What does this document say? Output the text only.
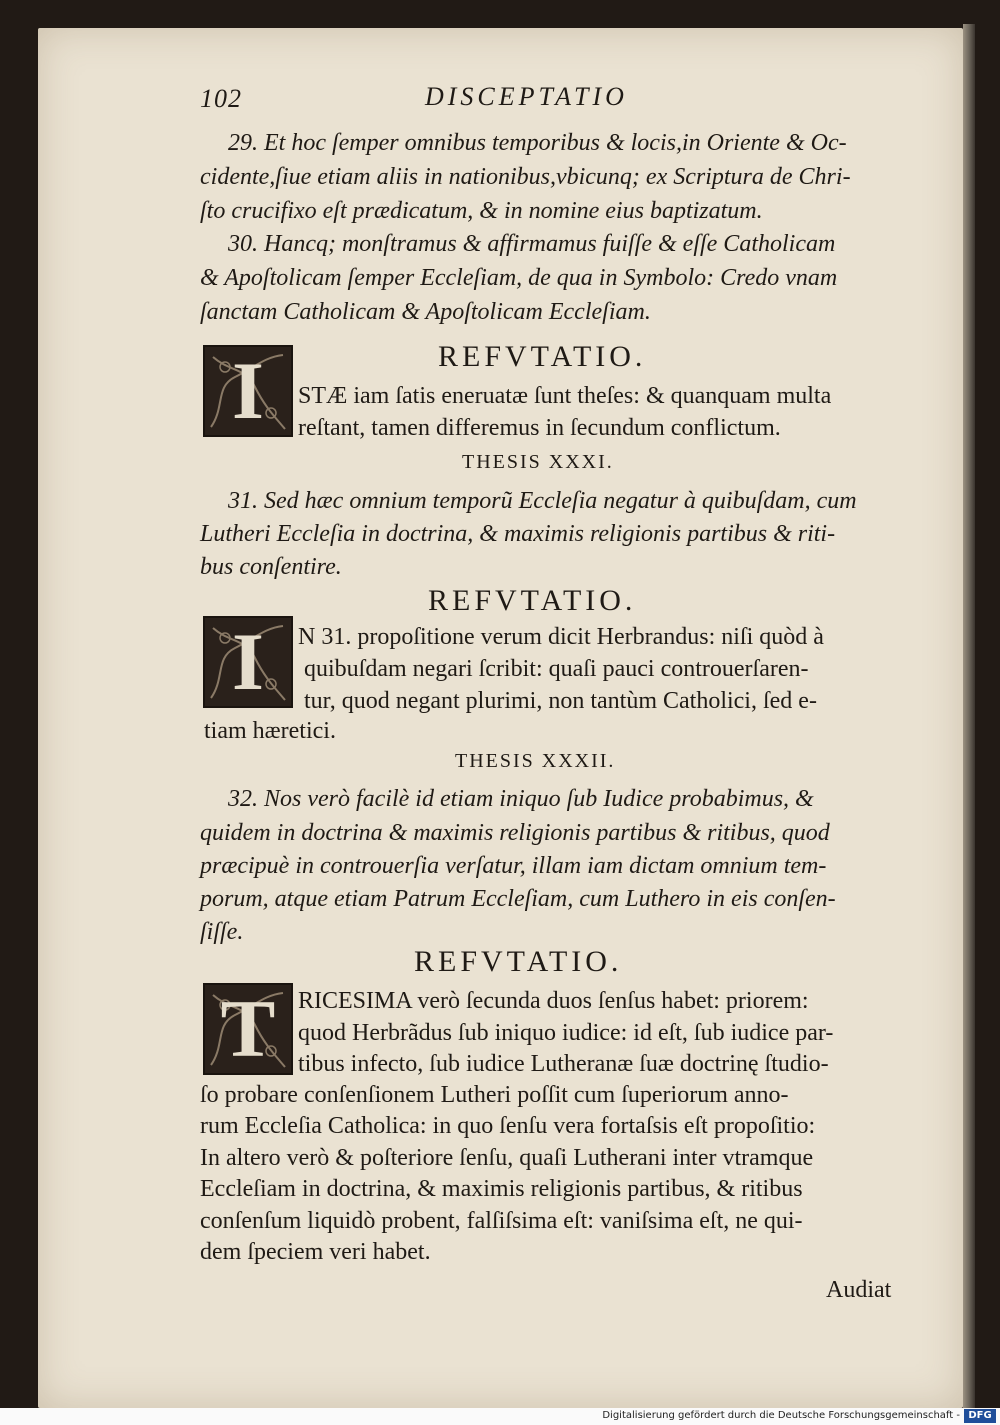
102	DISCEPTATIO
29. Et hoc ſemper omnibus temporibus & locis,in Oriente & Oc-
cidente,ſiue etiam aliis in nationibus,vbicunq; ex Scriptura de Chri-
ſto crucifixo eſt prædicatum, & in nomine eius baptizatum.
30. Hancq; monſtramus & affirmamus fuiſſe & eſſe Catholicam
& Apoſtolicam ſemper Eccleſiam, de qua in Symbolo: Credo vnam
ſanctam Catholicam & Apoſtolicam Eccleſiam.
REFVTATIO.
I	STÆ iam ſatis eneruatæ ſunt theſes: & quanquam multa
reſtant, tamen differemus in ſecundum conflictum.
THESIS XXXI.
31. Sed hæc omnium temporũ Eccleſia negatur à quibuſdam, cum
Lutheri Eccleſia in doctrina, & maximis religionis partibus & riti-
bus conſentire.
REFVTATIO.
I	N 31. propoſitione verum dicit Herbrandus: niſi quòd à
quibuſdam negari ſcribit: quaſi pauci controuerſaren-
tur, quod negant plurimi, non tantùm Catholici, ſed e-
tiam hæretici.
THESIS XXXII.
32. Nos verò facilè id etiam iniquo ſub Iudice probabimus, &
quidem in doctrina & maximis religionis partibus & ritibus, quod
præcipuè in controuerſia verſatur, illam iam dictam omnium tem-
porum, atque etiam Patrum Eccleſiam, cum Luthero in eis conſen-
ſiſſe.
REFVTATIO.
T RICESIMA verò ſecunda duos ſenſus habet: priorem:
quod Herbrãdus ſub iniquo iudice: id eſt, ſub iudice par-
tibus infecto, ſub iudice Lutheranæ ſuæ doctrinę ſtudio-
ſo probare conſenſionem Lutheri poſſit cum ſuperiorum anno-
rum Eccleſia Catholica: in quo ſenſu vera fortaſsis eſt propoſitio:
In altero verò & poſteriore ſenſu, quaſi Lutherani inter vtramque
Eccleſiam in doctrina, & maximis religionis partibus, & ritibus
conſenſum liquidò probent, falſiſsima eſt: vaniſsima eſt, ne qui-
dem ſpeciem veri habet.
Audiat
Digitalisierung gefördert durch die Deutsche Forschungsgemeinschaft - DFG
